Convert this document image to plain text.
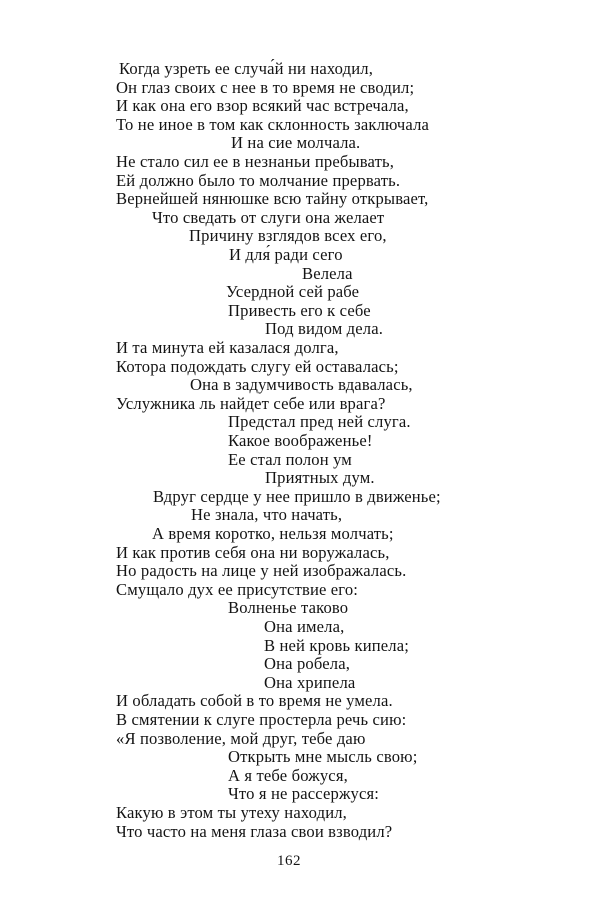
Когда узреть ее случа́й ни находил,
Он глаз своих с нее в то время не сводил;
И как она его взор всякий час встречала,
То не иное в том как склонность заключала
И на сие молчала.
Не стало сил ее в незнаньи пребывать,
Ей должно было то молчание прервать.
Вернейшей нянюшке всю тайну открывает,
Что сведать от слуги она желает
Причину взглядов всех его,
И для́ ради сего
Велела
Усердной сей рабе
Привесть его к себе
Под видом дела.
И та минута ей казалася долга,
Котора подождать слугу ей оставалась;
Она в задумчивость вдавалась,
Услужника ль найдет себе или врага?
Предстал пред ней слуга.
Какое воображенье!
Ее стал полон ум
Приятных дум.
Вдруг сердце у нее пришло в движенье;
Не знала, что начать,
А время коротко, нельзя молчать;
И как против себя она ни воружалась,
Но радость на лице у ней изображалась.
Смущало дух ее присутствие его:
Волненье таково
Она имела,
В ней кровь кипела;
Она робела,
Она хрипела
И обладать собой в то время не умела.
В смятении к слуге простерла речь сию:
«Я позволение, мой друг, тебе даю
Открыть мне мысль свою;
А я тебе божуся,
Что я не рассержуся:
Какую в этом ты утеху находил,
Что часто на меня глаза свои взводил?
162
